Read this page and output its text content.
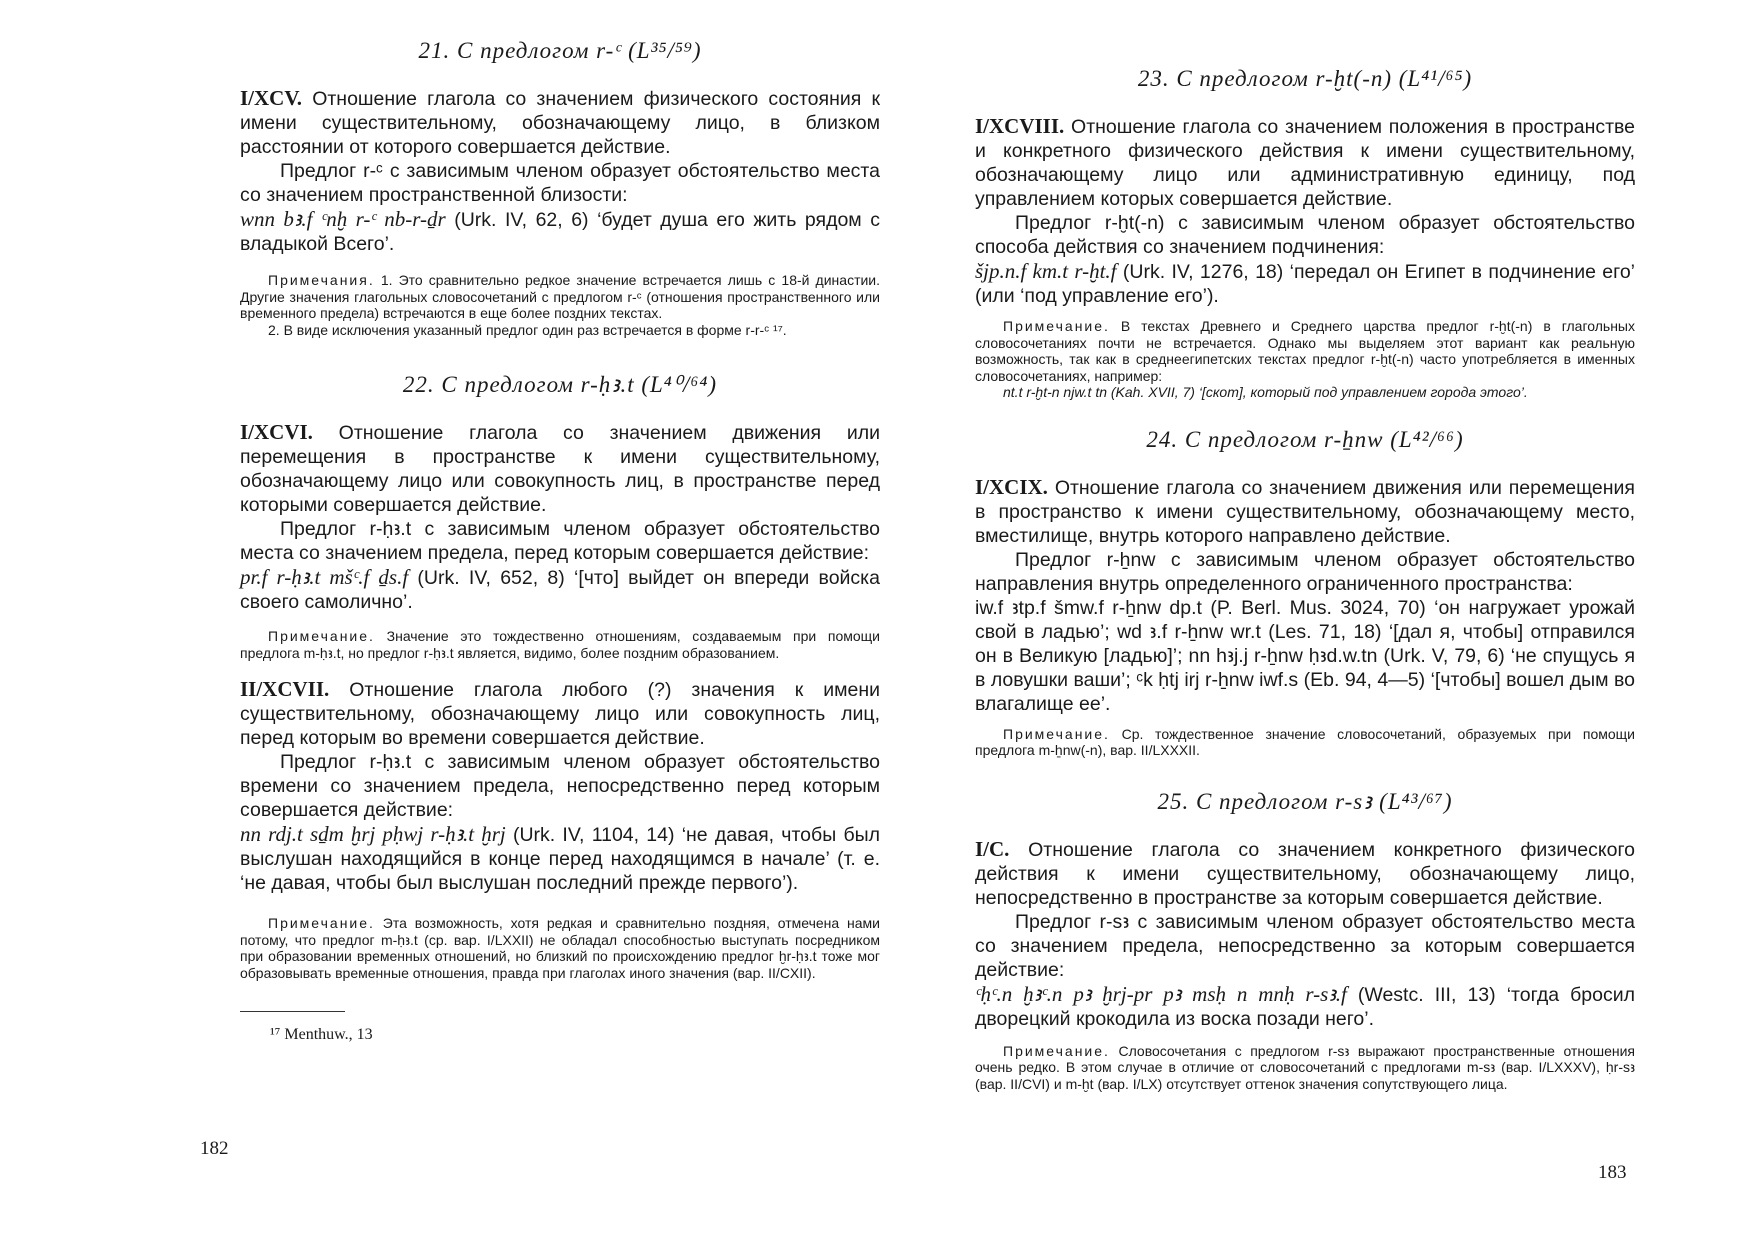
21. С предлогом r-ᶜ (L³⁵/⁵⁹)

I/XCV. Отношение глагола со значением физического состояния к имени существительному, обозначающему лицо, в близком расстоянии от которого совершается действие.

Предлог r-ᶜ с зависимым членом образует обстоятельство места со значением пространственной близости:

wnn bꜣ.f ᶜnḫ r-ᶜ nb-r-ḏr (Urk. IV, 62, 6) ‘будет душа его жить рядом с владыкой Всего’.

Примечания. 1. Это сравнительно редкое значение встречается лишь с 18-й династии. Другие значения глагольных словосочетаний с предлогом r-ᶜ (отношения пространственного или временного предела) встречаются в еще более поздних текстах.

2. В виде исключения указанный предлог один раз встречается в форме r-r-ᶜ ¹⁷.

22. С предлогом r-ḥꜣ.t (L⁴⁰/⁶⁴)

I/XCVI. Отношение глагола со значением движения или перемещения в пространстве к имени существительному, обозначающему лицо или совокупность лиц, в пространстве перед которыми совершается действие.

Предлог r-ḥꜣ.t с зависимым членом образует обстоятельство места со значением предела, перед которым совершается действие:

pr.f r-ḥꜣ.t mšᶜ.f ḏs.f (Urk. IV, 652, 8) ‘[что] выйдет он впереди войска своего самолично’.

Примечание. Значение это тождественно отношениям, создаваемым при помощи предлога m-ḥꜣ.t, но предлог r-ḥꜣ.t является, видимо, более поздним образованием.

II/XCVII. Отношение глагола любого (?) значения к имени существительному, обозначающему лицо или совокупность лиц, перед которым во времени совершается действие.

Предлог r-ḥꜣ.t с зависимым членом образует обстоятельство времени со значением предела, непосредственно перед которым совершается действие:

nn rdj.t sḏm ḫrj pḥwj r-ḥꜣ.t ḫrj (Urk. IV, 1104, 14) ‘не давая, чтобы был выслушан находящийся в конце перед находящимся в начале’ (т. е. ‘не давая, чтобы был выслушан последний прежде первого’).

Примечание. Эта возможность, хотя редкая и сравнительно поздняя, отмечена нами потому, что предлог m-ḥꜣ.t (ср. вар. I/LXXII) не обладал способностью выступать посредником при образовании временных отношений, но близкий по происхождению предлог ḫr-ḥꜣ.t тоже мог образовывать временные отношения, правда при глаголах иного значения (вар. II/CXII).

¹⁷ Menthuw., 13
182
23. С предлогом r-ḫt(-n) (L⁴¹/⁶⁵)

I/XCVIII. Отношение глагола со значением положения в пространстве и конкретного физического действия к имени существительному, обозначающему лицо или административную единицу, под управлением которых совершается действие.

Предлог r-ḫt(-n) с зависимым членом образует обстоятельство способа действия со значением подчинения:

šjp.n.f km.t r-ḫt.f (Urk. IV, 1276, 18) ‘передал он Египет в подчинение его’ (или ‘под управление его’).

Примечание. В текстах Древнего и Среднего царства предлог r-ḫt(-n) в глагольных словосочетаниях почти не встречается. Однако мы выделяем этот вариант как реальную возможность, так как в среднеегипетских текстах предлог r-ḫt(-n) часто употребляется в именных словосочетаниях, например:

nt.t r-ḫt-n njw.t tn (Kah. XVII, 7) ‘[скот], который под управлением города этого’.

24. С предлогом r-ẖnw (L⁴²/⁶⁶)

I/XCIX. Отношение глагола со значением движения или перемещения в пространство к имени существительному, обозначающему место, вместилище, внутрь которого направлено действие.

Предлог r-ẖnw с зависимым членом образует обстоятельство направления внутрь определенного ограниченного пространства:

iw.f ꜣtp.f šmw.f r-ẖnw dp.t (P. Berl. Mus. 3024, 70) ‘он нагружает урожай свой в ладью’; wd ꜣ.f r-ẖnw wr.t (Les. 71, 18) ‘[дал я, чтобы] отправился он в Великую [ладью]’; nn hꜣj.j r-ẖnw ḥꜣd.w.tn (Urk. V, 79, 6) ‘не спущусь я в ловушки ваши’; ᶜk ḥtj irj r-ẖnw iwf.s (Eb. 94, 4—5) ‘[чтобы] вошел дым во влагалище ее’.

Примечание. Ср. тождественное значение словосочетаний, образуемых при помощи предлога m-ẖnw(-n), вар. II/LXXXII.

25. С предлогом r-sꜣ (L⁴³/⁶⁷)

I/C. Отношение глагола со значением конкретного физического действия к имени существительному, обозначающему лицо, непосредственно в пространстве за которым совершается действие.

Предлог r-sꜣ с зависимым членом образует обстоятельство места со значением предела, непосредственно за которым совершается действие:

ᶜḥᶜ.n ḫꜣᶜ.n pꜣ ḫrj-pr pꜣ msḥ n mnḥ r-sꜣ.f (Westc. III, 13) ‘тогда бросил дворецкий крокодила из воска позади него’.

Примечание. Словосочетания с предлогом r-sꜣ выражают пространственные отношения очень редко. В этом случае в отличие от словосочетаний с предлогами m-sꜣ (вар. I/LXXXV), ḥr-sꜣ (вар. II/CVI) и m-ḫt (вар. I/LX) отсутствует оттенок значения сопутствующего лица.

183
